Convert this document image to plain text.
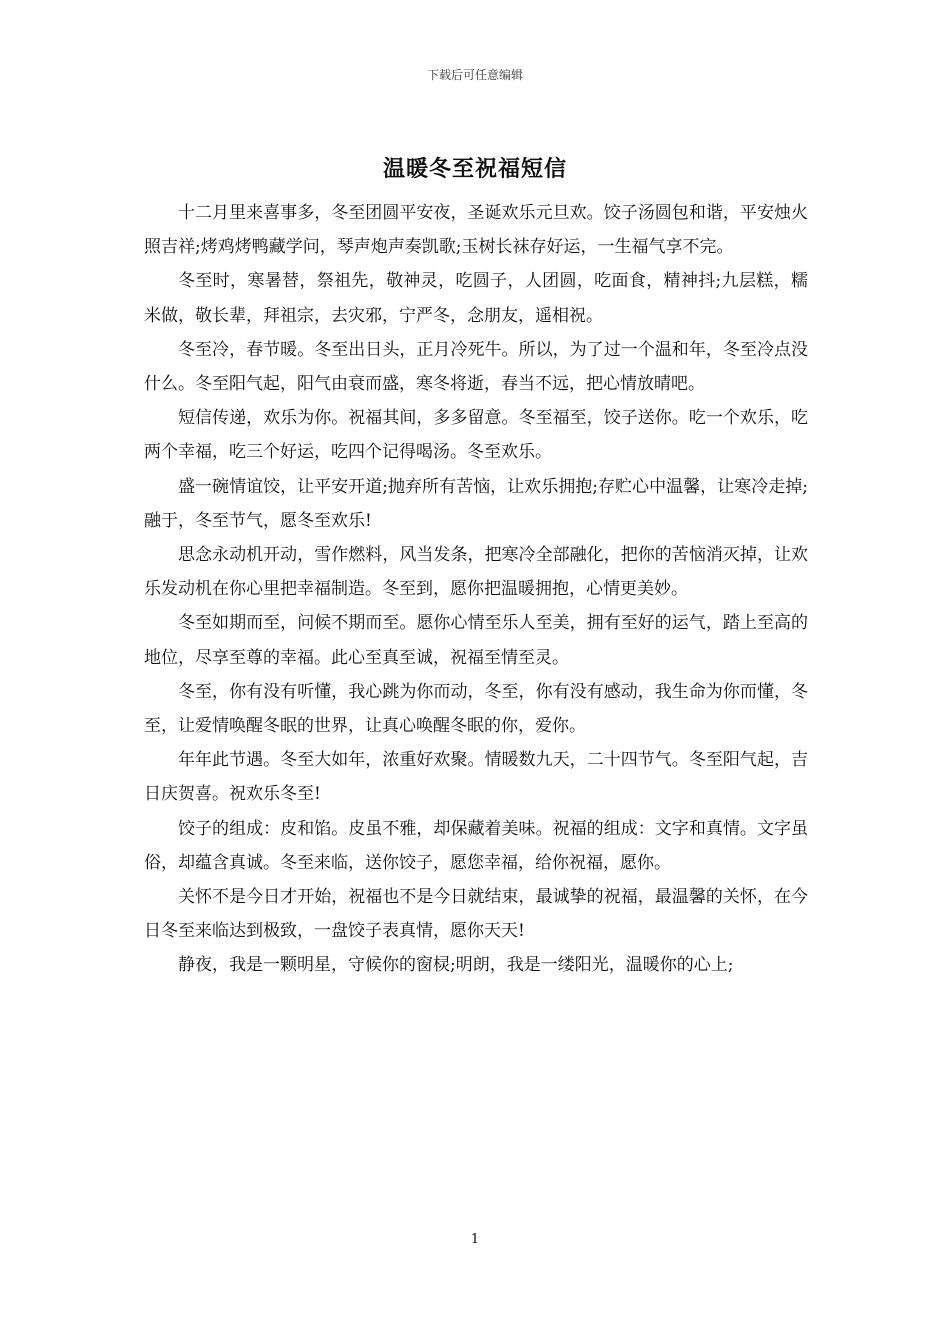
下载后可任意编辑
温暖冬至祝福短信

十二月里来喜事多，冬至团圆平安夜，圣诞欢乐元旦欢。饺子汤圆包和谐，平安烛火照吉祥;烤鸡烤鸭藏学问，琴声炮声奏凯歌;玉树长袜存好运，一生福气享不完。

冬至时，寒暑替，祭祖先，敬神灵，吃圆子，人团圆，吃面食，精神抖;九层糕，糯米做，敬长辈，拜祖宗，去灾邪，宁严冬，念朋友，遥相祝。

冬至冷，春节暖。冬至出日头，正月冷死牛。所以，为了过一个温和年，冬至冷点没什么。冬至阳气起，阳气由衰而盛，寒冬将逝，春当不远，把心情放晴吧。

短信传递，欢乐为你。祝福其间，多多留意。冬至福至，饺子送你。吃一个欢乐，吃两个幸福，吃三个好运，吃四个记得喝汤。冬至欢乐。

盛一碗情谊饺，让平安开道;抛弃所有苦恼，让欢乐拥抱;存贮心中温馨，让寒冷走掉;融于，冬至节气，愿冬至欢乐!

思念永动机开动，雪作燃料，风当发条，把寒冷全部融化，把你的苦恼消灭掉，让欢乐发动机在你心里把幸福制造。冬至到，愿你把温暖拥抱，心情更美妙。

冬至如期而至，问候不期而至。愿你心情至乐人至美，拥有至好的运气，踏上至高的地位，尽享至尊的幸福。此心至真至诚，祝福至情至灵。

冬至，你有没有听懂，我心跳为你而动，冬至，你有没有感动，我生命为你而懂，冬至，让爱情唤醒冬眠的世界，让真心唤醒冬眠的你，爱你。

年年此节遇。冬至大如年，浓重好欢聚。情暖数九天，二十四节气。冬至阳气起，吉日庆贺喜。祝欢乐冬至!

饺子的组成：皮和馅。皮虽不雅，却保藏着美味。祝福的组成：文字和真情。文字虽俗，却蕴含真诚。冬至来临，送你饺子，愿您幸福，给你祝福，愿你。

关怀不是今日才开始，祝福也不是今日就结束，最诚挚的祝福，最温馨的关怀，在今日冬至来临达到极致，一盘饺子表真情，愿你天天!

静夜，我是一颗明星，守候你的窗棂;明朗，我是一缕阳光，温暖你的心上;

1
